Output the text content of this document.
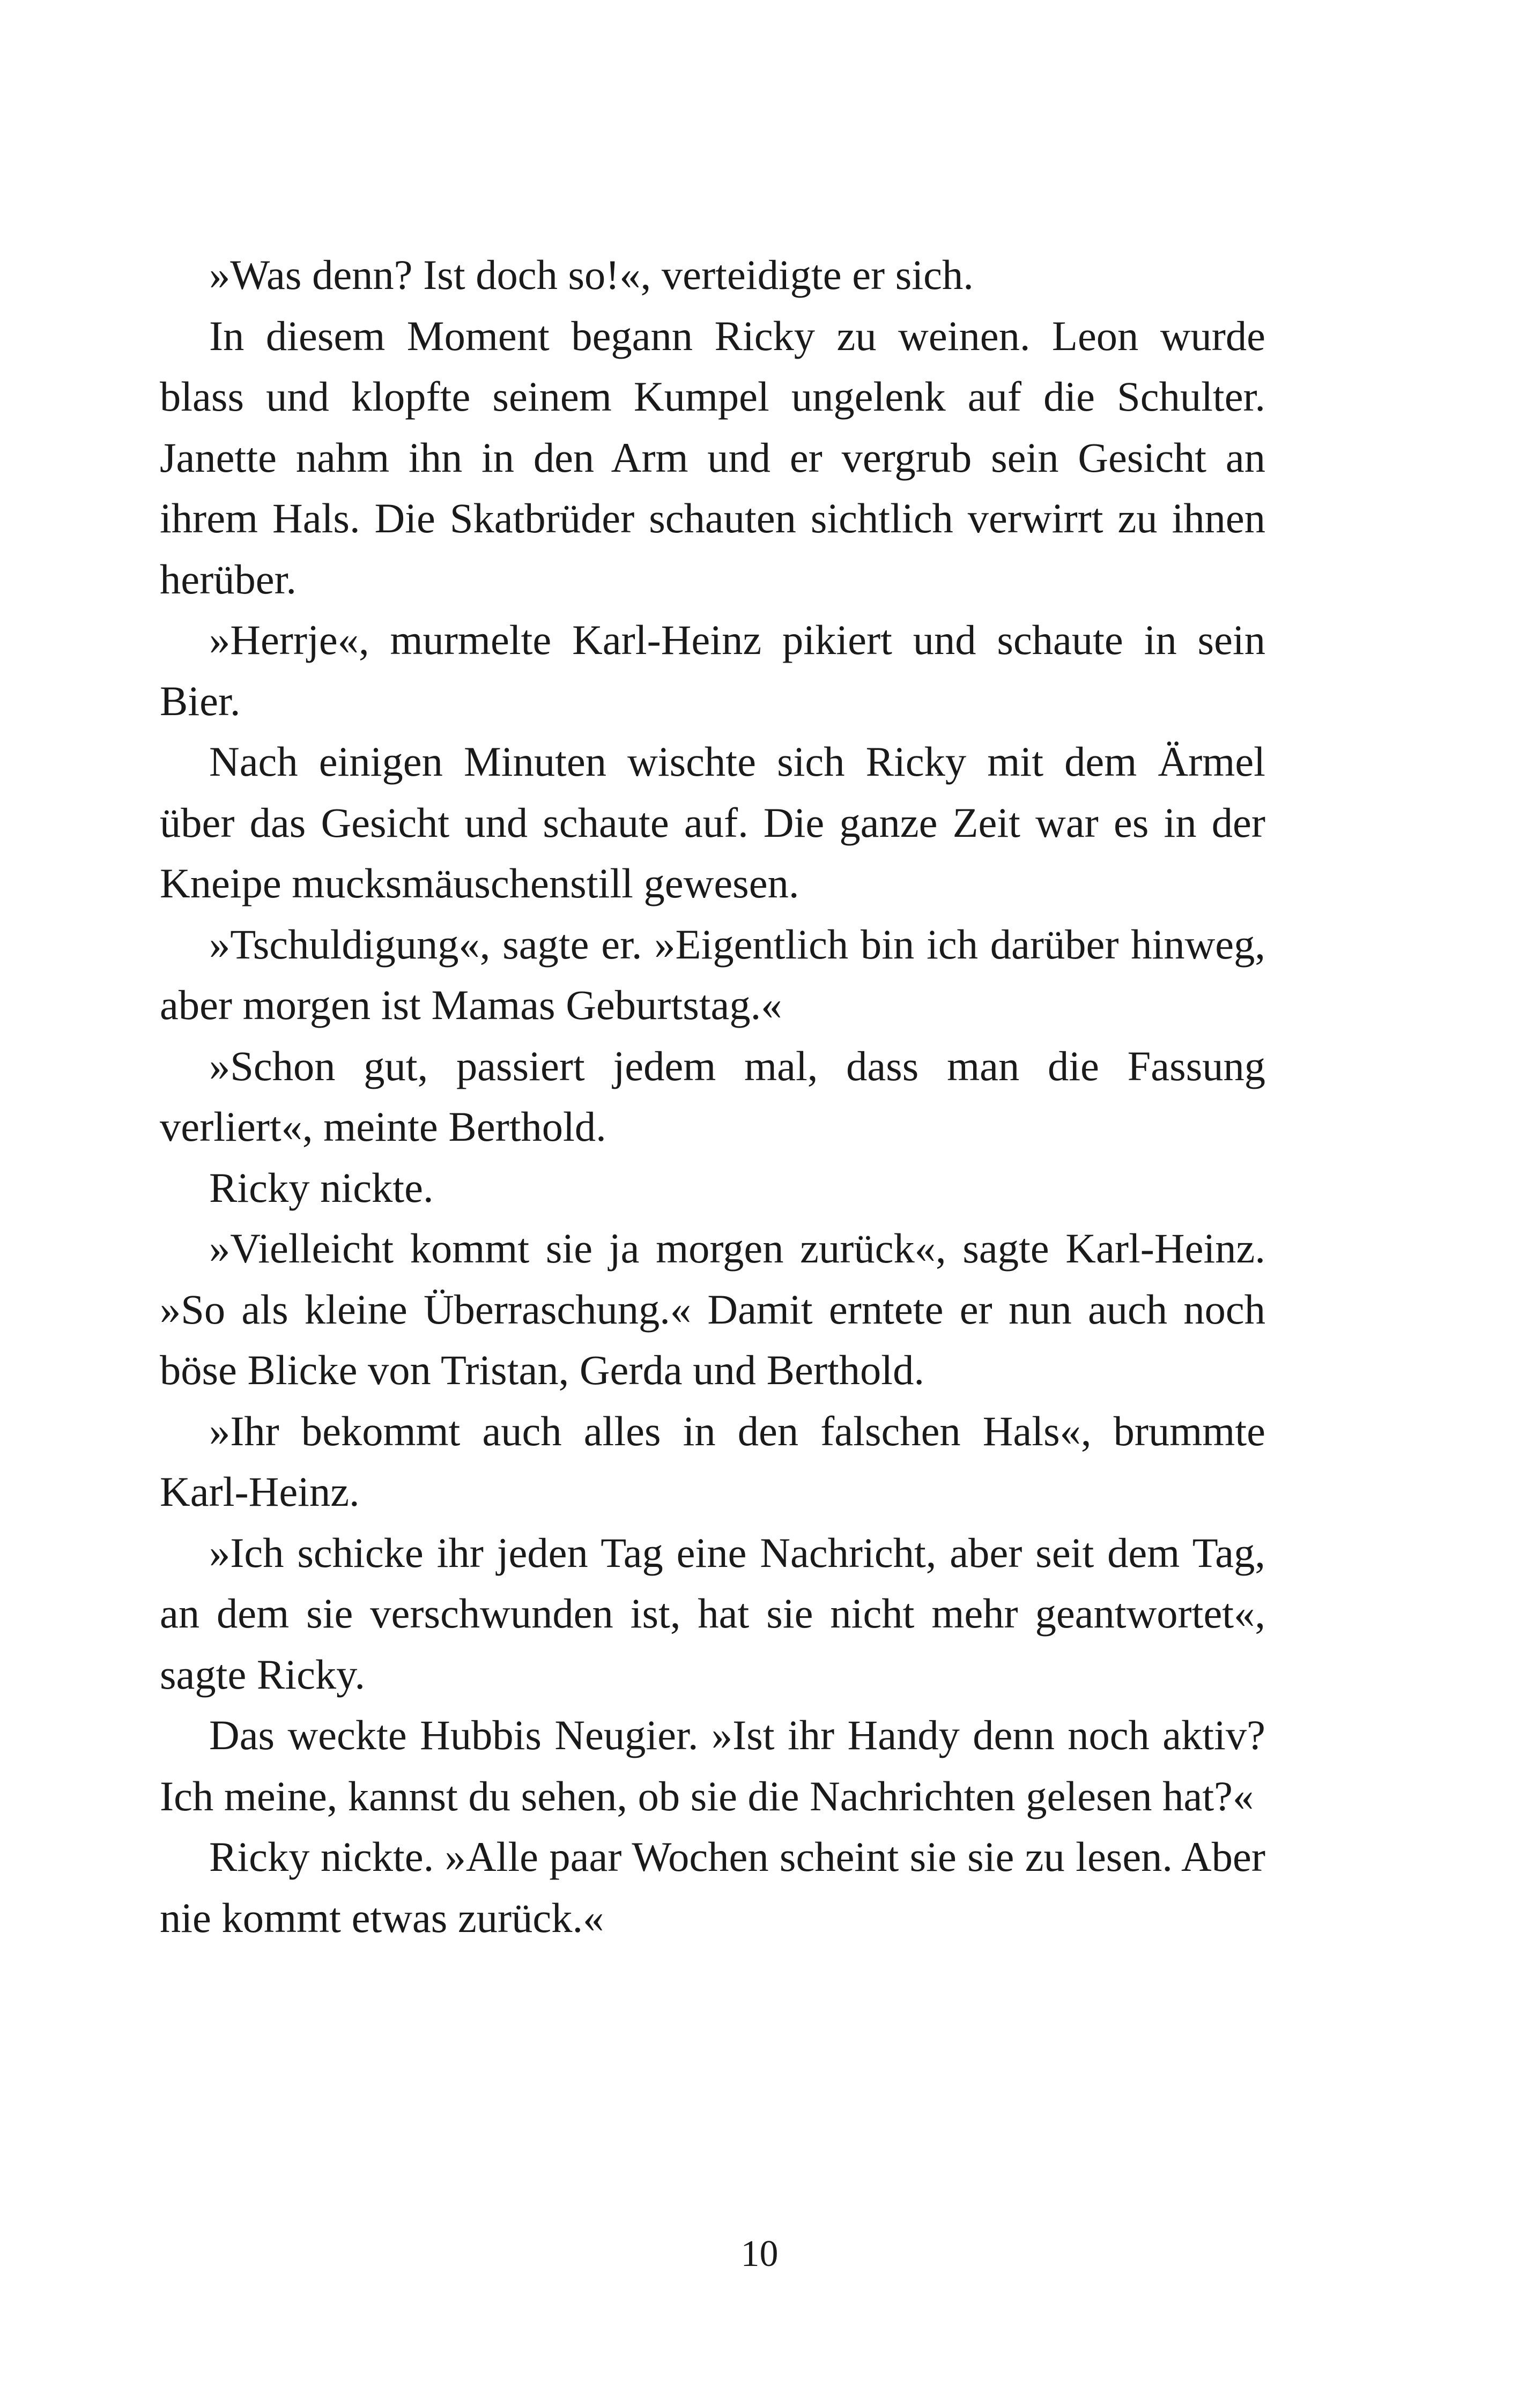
»Was denn? Ist doch so!«, verteidigte er sich.

In diesem Moment begann Ricky zu weinen. Leon wurde blass und klopfte seinem Kumpel ungelenk auf die Schulter. Janette nahm ihn in den Arm und er vergrub sein Gesicht an ihrem Hals. Die Skatbrüder schauten sichtlich verwirrt zu ihnen herüber.

»Herrje«, murmelte Karl-Heinz pikiert und schaute in sein Bier.

Nach einigen Minuten wischte sich Ricky mit dem Ärmel über das Gesicht und schaute auf. Die ganze Zeit war es in der Kneipe mucksmäuschenstill gewesen.

»Tschuldigung«, sagte er. »Eigentlich bin ich darüber hinweg, aber morgen ist Mamas Geburtstag.«

»Schon gut, passiert jedem mal, dass man die Fassung verliert«, meinte Berthold.

Ricky nickte.

»Vielleicht kommt sie ja morgen zurück«, sagte Karl-Heinz. »So als kleine Überraschung.« Damit erntete er nun auch noch böse Blicke von Tristan, Gerda und Berthold.

»Ihr bekommt auch alles in den falschen Hals«, brummte Karl-Heinz.

»Ich schicke ihr jeden Tag eine Nachricht, aber seit dem Tag, an dem sie verschwunden ist, hat sie nicht mehr geantwortet«, sagte Ricky.

Das weckte Hubbis Neugier. »Ist ihr Handy denn noch aktiv? Ich meine, kannst du sehen, ob sie die Nachrichten gelesen hat?«

Ricky nickte. »Alle paar Wochen scheint sie sie zu lesen. Aber nie kommt etwas zurück.«

10
